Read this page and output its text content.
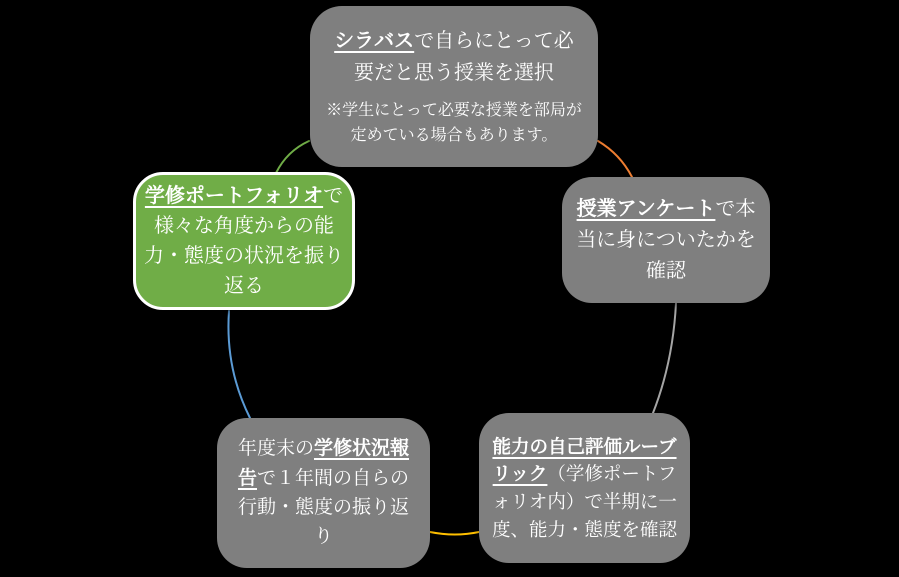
シラバスで自らにとって必要だと思う授業を選択

※学生にとって必要な授業を部局が定めている場合もあります。

授業アンケートで本当に身についたかを確認

能力の自己評価ルーブリック（学修ポートフォリオ内）で半期に一度、能力・態度を確認

年度末の学修状況報告で１年間の自らの行動・態度の振り返り

学修ポートフォリオで様々な角度からの能力・態度の状況を振り返る
